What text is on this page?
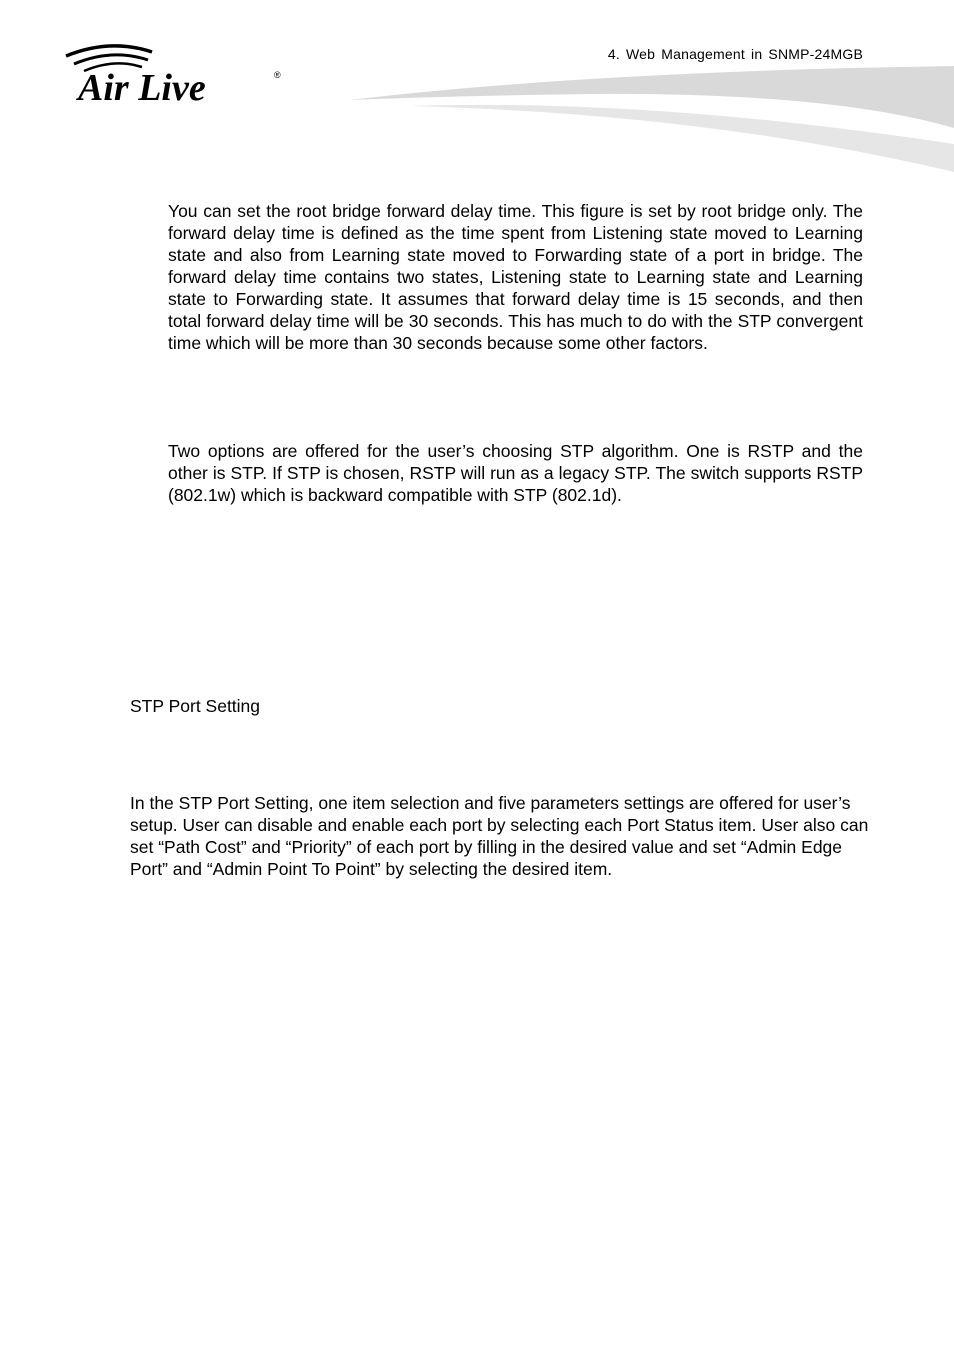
Air Live	®
4. Web Management in SNMP-24MGB
You can set the root bridge forward delay time. This figure is set by root bridge only. The forward delay time is defined as the time spent from Listening state moved to Learning state and also from Learning state moved to Forwarding state of a port in bridge. The forward delay time contains two states, Listening state to Learning state and Learning state to Forwarding state. It assumes that forward delay time is 15 seconds, and then total forward delay time will be 30 seconds. This has much to do with the STP convergent time which will be more than 30 seconds because some other factors.
Two options are offered for the user’s choosing STP algorithm. One is RSTP and the other is STP. If STP is chosen, RSTP will run as a legacy STP. The switch supports RSTP (802.1w) which is backward compatible with STP (802.1d).
STP Port Setting
In the STP Port Setting, one item selection and five parameters settings are offered for user’s setup. User can disable and enable each port by selecting each Port Status item. User also can set “Path Cost” and “Priority” of each port by filling in the desired value and set “Admin Edge Port” and “Admin Point To Point” by selecting the desired item.
